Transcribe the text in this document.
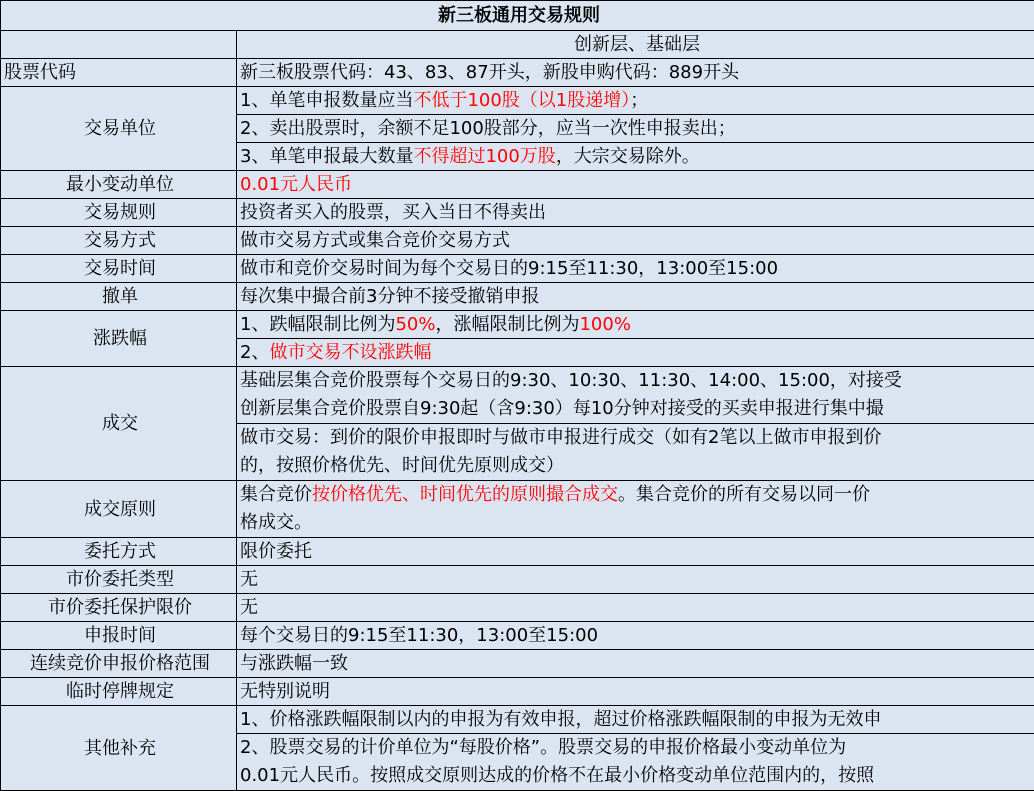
新三板通用交易规则	
	创新层、基础层
股票代码	新三板股票代码：43、83、87开头，新股申购代码：889开头
交易单位	1、单笔申报数量应当不低于100股（以1股递增）；
	2、卖出股票时，余额不足100股部分，应当一次性申报卖出；
	3、单笔申报最大数量不得超过100万股，大宗交易除外。
最小变动单位	0.01元人民币
交易规则	投资者买入的股票，买入当日不得卖出
交易方式	做市交易方式或集合竞价交易方式
交易时间	做市和竞价交易时间为每个交易日的9:15至11:30，13:00至15:00
撤单	每次集中撮合前3分钟不接受撤销申报
涨跌幅	1、跌幅限制比例为50%，涨幅限制比例为100%
	2、做市交易不设涨跌幅
成交	基础层集合竞价股票每个交易日的9:30、10:30、11:30、14:00、15:00，对接受
创新层集合竞价股票自9:30起（含9:30）每10分钟对接受的买卖申报进行集中撮

	做市交易：到价的限价申报即时与做市申报进行成交（如有2笔以上做市申报到价
的，按照价格优先、时间优先原则成交）

成交原则	集合竞价按价格优先、时间优先的原则撮合成交。集合竞价的所有交易以同一价
格成交。

委托方式	限价委托
市价委托类型	无
市价委托保护限价	无
申报时间	每个交易日的9:15至11:30，13:00至15:00
连续竞价申报价格范围	与涨跌幅一致
临时停牌规定	无特别说明
其他补充	1、价格涨跌幅限制以内的申报为有效申报，超过价格涨跌幅限制的申报为无效申

	2、股票交易的计价单位为“每股价格”。股票交易的申报价格最小变动单位为
0.01元人民币。按照成交原则达成的价格不在最小价格变动单位范围内的，按照
